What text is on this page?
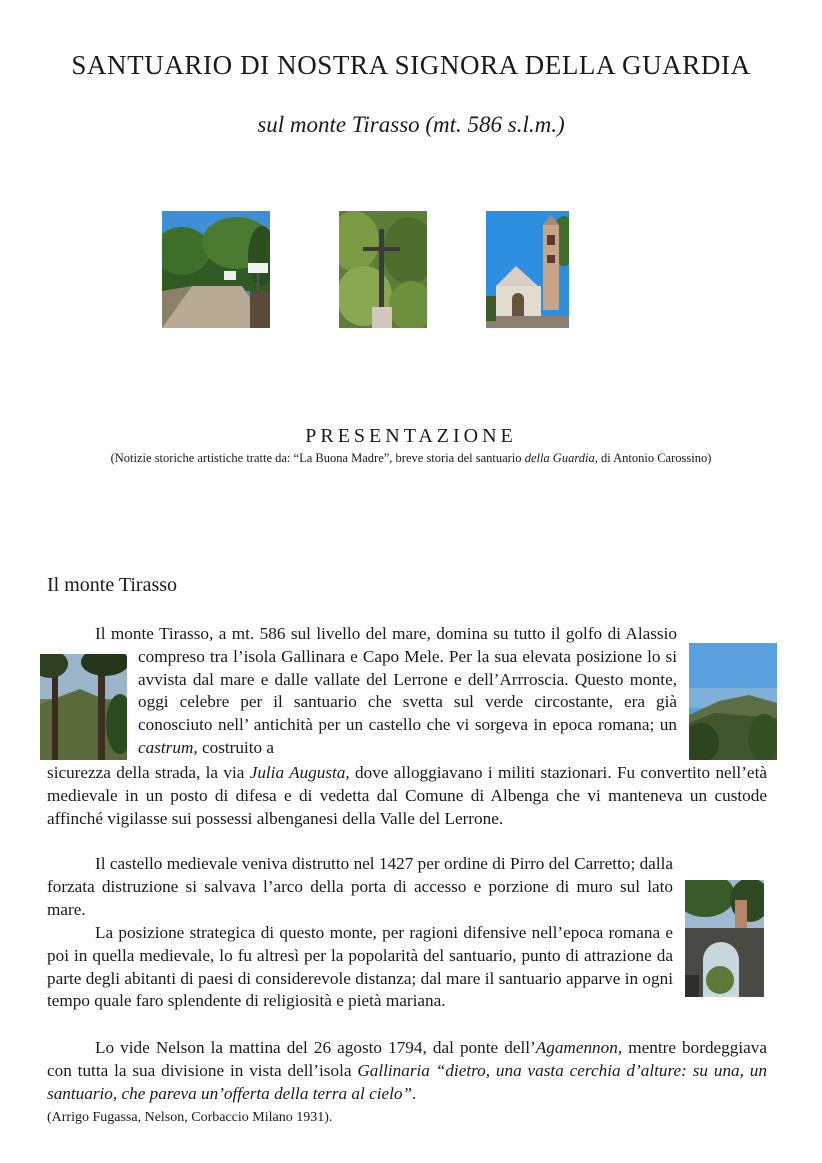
SANTUARIO DI NOSTRA SIGNORA DELLA GUARDIA
sul monte Tirasso (mt. 586 s.l.m.)
PRESENTAZIONE
(Notizie storiche artistiche tratte da: “La Buona Madre”, breve storia del santuario della Guardia, di Antonio Carossino)
Il monte Tirasso
Il monte Tirasso, a mt. 586 sul livello del mare, domina su tutto il golfo di Alassio compreso tra l’isola Gallinara e Capo Mele. Per la sua elevata posizione lo si avvista dal mare e dalle vallate del Lerrone e dell’Arrroscia. Questo monte, oggi celebre per il santuario che svetta sul verde circostante, era già conosciuto nell’ antichità per un castello che vi sorgeva in epoca romana; un castrum, costruito a
sicurezza della strada, la via Julia Augusta, dove alloggiavano i militi stazionari. Fu convertito nell’età medievale in un posto di difesa e di vedetta dal Comune di Albenga che vi manteneva un custode affinché vigilasse sui possessi albenganesi della Valle del Lerrone.
Il castello medievale veniva distrutto nel 1427 per ordine di Pirro del Carretto; dalla forzata distruzione si salvava l’arco della porta di accesso e porzione di muro sul lato mare.
La posizione strategica di questo monte, per ragioni difensive nell’epoca romana e poi in quella medievale, lo fu altresì per la popolarità del santuario, punto di attrazione da parte degli abitanti di paesi di considerevole distanza; dal mare il santuario apparve in ogni tempo quale faro splendente di religiosità e pietà mariana.
Lo vide Nelson la mattina del 26 agosto 1794, dal ponte dell’Agamennon, mentre bordeggiava con tutta la sua divisione in vista dell’isola Gallinaria “dietro, una vasta cerchia d’alture: su una, un santuario, che pareva un’offerta della terra al cielo”.
(Arrigo Fugassa, Nelson, Corbaccio Milano 1931).
